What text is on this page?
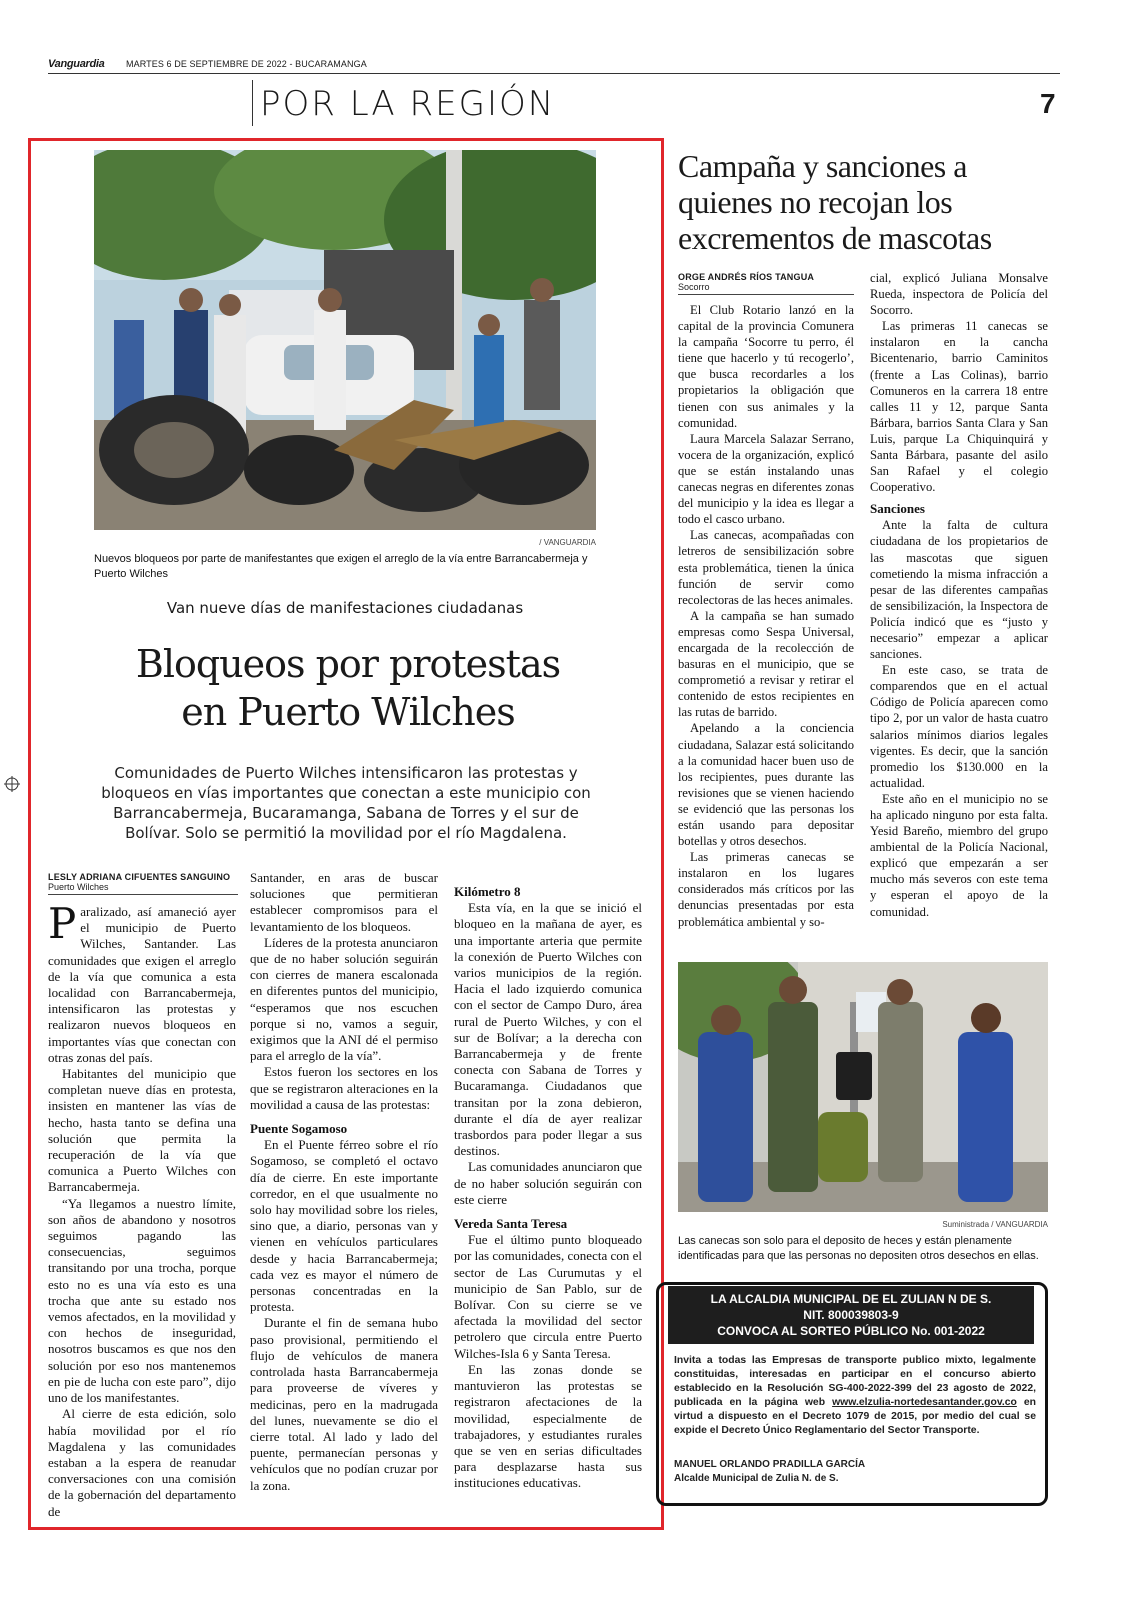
Vanguardia MARTES 6 DE SEPTIEMBRE DE 2022 - BUCARAMANGA
POR LA REGIÓN	7
/ VANGUARDIA
Nuevos bloqueos por parte de manifestantes que exigen el arreglo de la vía entre Barrancabermeja y Puerto Wilches
Van nueve días de manifestaciones ciudadanas
Bloqueos por protestas
en Puerto Wilches
Comunidades de Puerto Wilches intensificaron las protestas y bloqueos en vías importantes que conectan a este municipio con Barrancabermeja, Bucaramanga, Sabana de Torres y el sur de Bolívar. Solo se permitió la movilidad por el río Magdalena.
LESLY ADRIANA CIFUENTES SANGUINO
Puerto Wilches

Paralizado, así amaneció ayer el municipio de Puerto Wilches, Santander. Las comunidades que exigen el arreglo de la vía que comunica a esta localidad con Barrancabermeja, intensificaron las protestas y realizaron nuevos bloqueos en importantes vías que conectan con otras zonas del país.

Habitantes del municipio que completan nueve días en protesta, insisten en mantener las vías de hecho, hasta tanto se defina una solución que permita la recuperación de la vía que comunica a Puerto Wilches con Barrancabermeja.

“Ya llegamos a nuestro límite, son años de abandono y nosotros seguimos pagando las consecuencias, seguimos transitando por una trocha, porque esto no es una vía esto es una trocha que ante su estado nos vemos afectados, en la movilidad y con hechos de inseguridad, nosotros buscamos es que nos den solución por eso nos mantenemos en pie de lucha con este paro”, dijo uno de los manifestantes.

Al cierre de esta edición, solo había movilidad por el río Magdalena y las comunidades estaban a la espera de reanudar conversaciones con una comisión de la gobernación del departamento de

Santander, en aras de buscar soluciones que permitieran establecer compromisos para el levantamiento de los bloqueos.

Líderes de la protesta anunciaron que de no haber solución seguirán con cierres de manera escalonada en diferentes puntos del municipio, “esperamos que nos escuchen porque si no, vamos a seguir, exigimos que la ANI dé el permiso para el arreglo de la vía”.

Estos fueron los sectores en los que se registraron alteraciones en la movilidad a causa de las protestas:

Puente Sogamoso

En el Puente férreo sobre el río Sogamoso, se completó el octavo día de cierre. En este importante corredor, en el que usualmente no solo hay movilidad sobre los rieles, sino que, a diario, personas van y vienen en vehículos particulares desde y hacia Barrancabermeja; cada vez es mayor el número de personas concentradas en la protesta.

Durante el fin de semana hubo paso provisional, permitiendo el flujo de vehículos de manera controlada hasta Barrancabermeja para proveerse de víveres y medicinas, pero en la madrugada del lunes, nuevamente se dio el cierre total. Al lado y lado del puente, permanecían personas y vehículos que no podían cruzar por la zona.

Kilómetro 8

Esta vía, en la que se inició el bloqueo en la mañana de ayer, es una importante arteria que permite la conexión de Puerto Wilches con varios municipios de la región. Hacia el lado izquierdo comunica con el sector de Campo Duro, área rural de Puerto Wilches, y con el sur de Bolívar; a la derecha con Barrancabermeja y de frente conecta con Sabana de Torres y Bucaramanga. Ciudadanos que transitan por la zona debieron, durante el día de ayer realizar trasbordos para poder llegar a sus destinos.

Las comunidades anunciaron que de no haber solución seguirán con este cierre

Vereda Santa Teresa

Fue el último punto bloqueado por las comunidades, conecta con el sector de Las Curumutas y el municipio de San Pablo, sur de Bolívar. Con su cierre se ve afectada la movilidad del sector petrolero que circula entre Puerto Wilches-Isla 6 y Santa Teresa.

En las zonas donde se mantuvieron las protestas se registraron afectaciones de la movilidad, especialmente de trabajadores, y estudiantes rurales que se ven en serias dificultades para desplazarse hasta sus instituciones educativas.

Campaña y sanciones a quienes no recojan los excrementos de mascotas
ORGE ANDRÉS RÍOS TANGUA
Socorro

El Club Rotario lanzó en la capital de la provincia Comunera la campaña ‘Socorre tu perro, él tiene que hacerlo y tú recogerlo’, que busca recordarles a los propietarios la obligación que tienen con sus animales y la comunidad.

Laura Marcela Salazar Serrano, vocera de la organización, explicó que se están instalando unas canecas negras en diferentes zonas del municipio y la idea es llegar a todo el casco urbano.

Las canecas, acompañadas con letreros de sensibilización sobre esta problemática, tienen la única función de servir como recolectoras de las heces animales.

A la campaña se han sumado empresas como Sespa Universal, encargada de la recolección de basuras en el municipio, que se comprometió a revisar y retirar el contenido de estos recipientes en las rutas de barrido.

Apelando a la conciencia ciudadana, Salazar está solicitando a la comunidad hacer buen uso de los recipientes, pues durante las revisiones que se vienen haciendo se evidenció que las personas los están usando para depositar botellas y otros desechos.

Las primeras canecas se instalaron en los lugares considerados más críticos por las denuncias presentadas por esta problemática ambiental y so-

cial, explicó Juliana Monsalve Rueda, inspectora de Policía del Socorro.

Las primeras 11 canecas se instalaron en la cancha Bicentenario, barrio Caminitos (frente a Las Colinas), barrio Comuneros en la carrera 18 entre calles 11 y 12, parque Santa Bárbara, barrios Santa Clara y San Luis, parque La Chiquinquirá y Santa Bárbara, pasante del asilo San Rafael y el colegio Cooperativo.

Sanciones

Ante la falta de cultura ciudadana de los propietarios de las mascotas que siguen cometiendo la misma infracción a pesar de las diferentes campañas de sensibilización, la Inspectora de Policía indicó que es “justo y necesario” empezar a aplicar sanciones.

En este caso, se trata de comparendos que en el actual Código de Policía aparecen como tipo 2, por un valor de hasta cuatro salarios mínimos diarios legales vigentes. Es decir, que la sanción promedio los $130.000 en la actualidad.

Este año en el municipio no se ha aplicado ninguno por esta falta. Yesid Bareño, miembro del grupo ambiental de la Policía Nacional, explicó que empezarán a ser mucho más severos con este tema y esperan el apoyo de la comunidad.

Suministrada / VANGUARDIA
Las canecas son solo para el deposito de heces y están plenamente identificadas para que las personas no depositen otros desechos en ellas.
LA ALCALDIA MUNICIPAL DE EL ZULIAN N DE S.
NIT. 800039803-9
CONVOCA AL SORTEO PÚBLICO No. 001-2022
Invita a todas las Empresas de transporte publico mixto, legalmente constituidas, interesadas en participar en el concurso abierto establecido en la Resolución SG-400-2022-399 del 23 agosto de 2022, publicada en la página web www.elzulia-nortedesantander.gov.co en virtud a dispuesto en el Decreto 1079 de 2015, por medio del cual se expide el Decreto Único Reglamentario del Sector Transporte.
MANUEL ORLANDO PRADILLA GARCÍA
Alcalde Municipal de Zulia N. de S.
